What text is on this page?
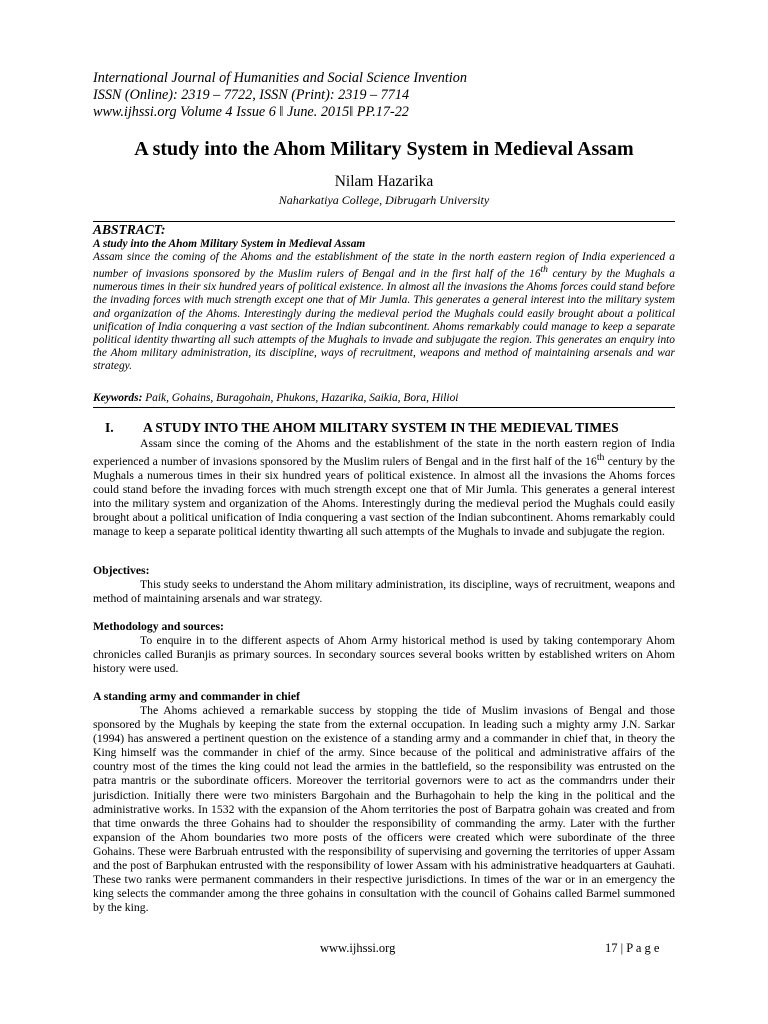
International Journal of Humanities and Social Science Invention
ISSN (Online): 2319 – 7722, ISSN (Print): 2319 – 7714
www.ijhssi.org Volume 4 Issue 6 ǁ June. 2015ǁ PP.17-22
A study into the Ahom Military System in Medieval Assam
Nilam Hazarika
Naharkatiya College, Dibrugarh University
ABSTRACT:
A study into the Ahom Military System in Medieval Assam
Assam since the coming of the Ahoms and the establishment of the state in the north eastern region of India experienced a number of invasions sponsored by the Muslim rulers of Bengal and in the first half of the 16th century by the Mughals a numerous times in their six hundred years of political existence. In almost all the invasions the Ahoms forces could stand before the invading forces with much strength except one that of Mir Jumla. This generates a general interest into the military system and organization of the Ahoms. Interestingly during the medieval period the Mughals could easily brought about a political unification of India conquering a vast section of the Indian subcontinent. Ahoms remarkably could manage to keep a separate political identity thwarting all such attempts of the Mughals to invade and subjugate the region. This generates an enquiry into the Ahom military administration, its discipline, ways of recruitment, weapons and method of maintaining arsenals and war strategy.
Keywords: Paik, Gohains, Buragohain, Phukons, Hazarika, Saikia, Bora, Hilioi
I. A STUDY INTO THE AHOM MILITARY SYSTEM IN THE MEDIEVAL TIMES
Assam since the coming of the Ahoms and the establishment of the state in the north eastern region of India experienced a number of invasions sponsored by the Muslim rulers of Bengal and in the first half of the 16th century by the Mughals a numerous times in their six hundred years of political existence. In almost all the invasions the Ahoms forces could stand before the invading forces with much strength except one that of Mir Jumla. This generates a general interest into the military system and organization of the Ahoms. Interestingly during the medieval period the Mughals could easily brought about a political unification of India conquering a vast section of the Indian subcontinent. Ahoms remarkably could manage to keep a separate political identity thwarting all such attempts of the Mughals to invade and subjugate the region.
Objectives:
This study seeks to understand the Ahom military administration, its discipline, ways of recruitment, weapons and method of maintaining arsenals and war strategy.
Methodology and sources:
To enquire in to the different aspects of Ahom Army historical method is used by taking contemporary Ahom chronicles called Buranjis as primary sources. In secondary sources several books written by established writers on Ahom history were used.
A standing army and commander in chief
The Ahoms achieved a remarkable success by stopping the tide of Muslim invasions of Bengal and those sponsored by the Mughals by keeping the state from the external occupation. In leading such a mighty army J.N. Sarkar (1994) has answered a pertinent question on the existence of a standing army and a commander in chief that, in theory the King himself was the commander in chief of the army. Since because of the political and administrative affairs of the country most of the times the king could not lead the armies in the battlefield, so the responsibility was entrusted on the patra mantris or the subordinate officers. Moreover the territorial governors were to act as the commandrrs under their jurisdiction. Initially there were two ministers Bargohain and the Burhagohain to help the king in the political and the administrative works. In 1532 with the expansion of the Ahom territories the post of Barpatra gohain was created and from that time onwards the three Gohains had to shoulder the responsibility of commanding the army. Later with the further expansion of the Ahom boundaries two more posts of the officers were created which were subordinate of the three Gohains. These were Barbruah entrusted with the responsibility of supervising and governing the territories of upper Assam and the post of Barphukan entrusted with the responsibility of lower Assam with his administrative headquarters at Gauhati. These two ranks were permanent commanders in their respective jurisdictions. In times of the war or in an emergency the king selects the commander among the three gohains in consultation with the council of Gohains called Barmel summoned by the king.
www.ijhssi.org	17 | P a g e
